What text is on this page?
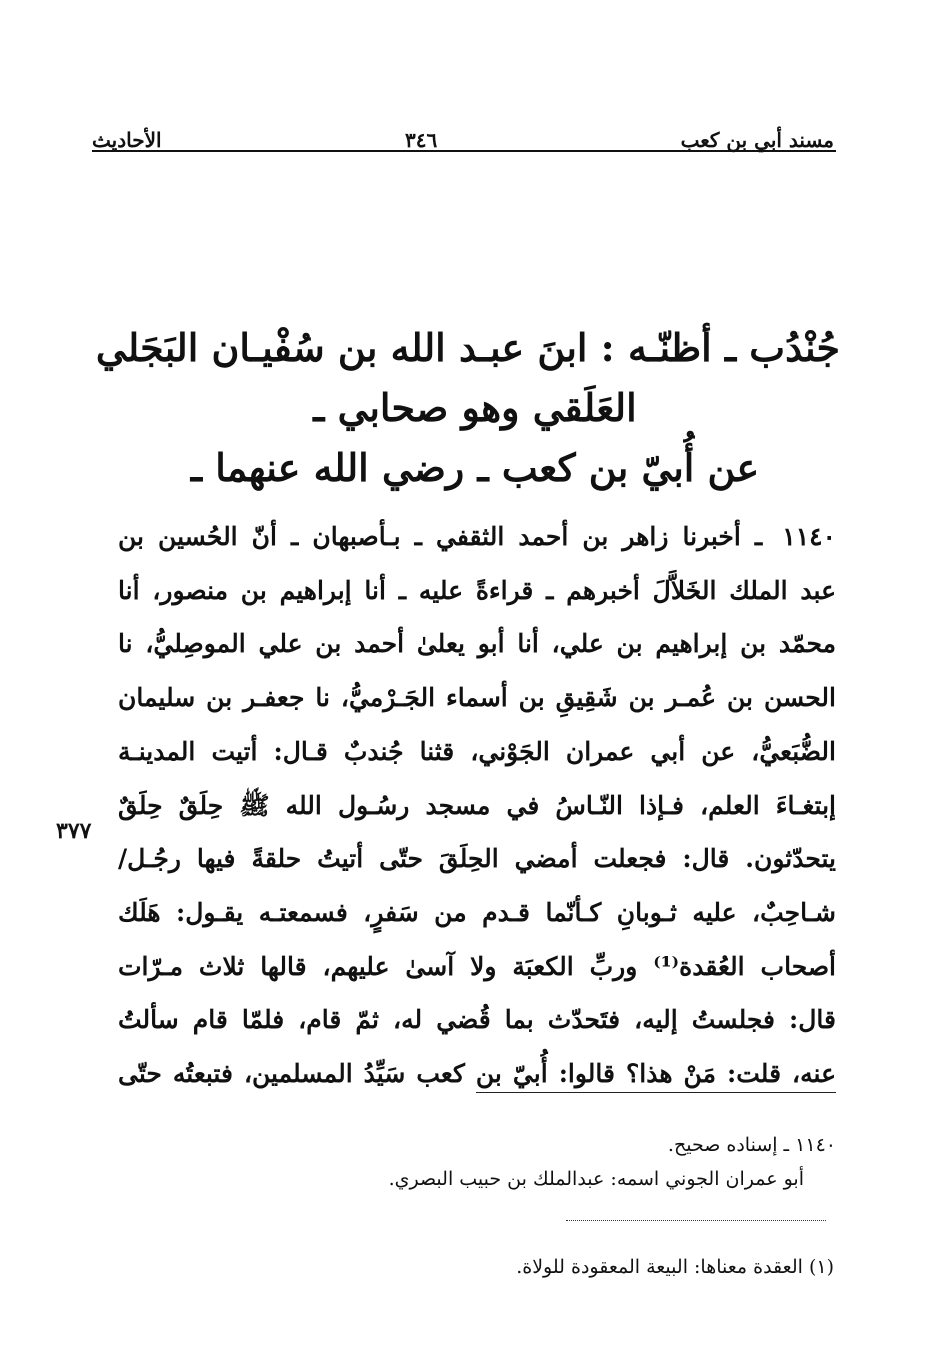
مسند أبي بن كعب
٣٤٦
الأحاديث
جُنْدُب ـ أظنّـه : ابنَ عبـد الله بن سُفْيـان البَجَلي
العَلَقي وهو صحابي ـ
عن أُبيّ بن كعب ـ رضي الله عنهما ـ
١١٤٠ ـ أخبرنا زاهر بن أحمد الثقفي ـ بـأصبهان ـ أنّ الحُسين بن
عبد الملك الخَلاَّلَ أخبرهم ـ قراءةً عليه ـ أنا إبراهيم بن منصور، أنا
محمّد بن إبراهيم بن علي، أنا أبو يعلىٰ أحمد بن علي الموصِليُّ، نا
الحسن بن عُمـر بن شَقِيقِ بن أسماء الجَـرْميُّ، نا جعفـر بن سليمان
الضُّبَعيُّ، عن أبي عمران الجَوْني، قثنا جُندبٌ قـال: أتيت المدينـة
إبتغـاءَ العلم، فـإذا النّـاسُ في مسجد رسُـول الله ﷺ حِلَقٌ حِلَقٌ
يتحدّثون. قال: فجعلت أمضي الحِلَقَ حتّى أتيتُ حلقةً فيها رجُـل/
شـاحِبٌ، عليه ثـوبانِ كـأنّما قـدم من سَفرٍ، فسمعتـه يقـول: هَلَك
أصحاب العُقدة⁽¹⁾ وربِّ الكعبَة ولا آسىٰ عليهم، قالها ثلاث مـرّات
قال: فجلستُ إليه، فتَحدّث بما قُضي له، ثمّ قام، فلمّا قام سألتُ
عنه، قلت: مَنْ هذا؟ قالوا: أُبيّ بن كعب سَيِّدُ المسلمين، فتبعتُه حتّى
٣٧٧
١١٤٠ ـ إسناده صحيح.
أبو عمران الجوني اسمه: عبدالملك بن حبيب البصري.
(١) العقدة معناها: البيعة المعقودة للولاة.
